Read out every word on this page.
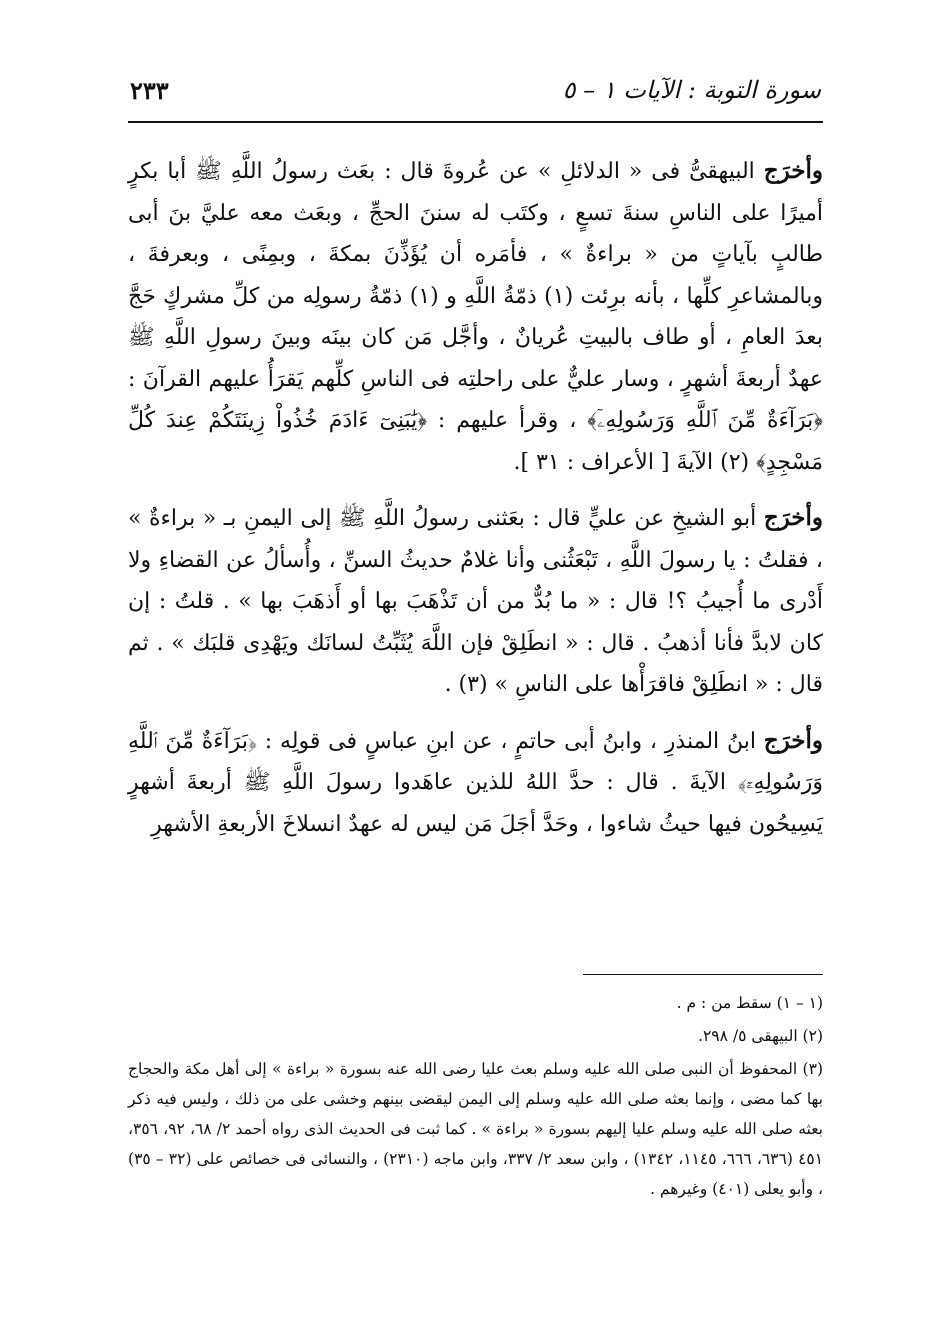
سورة التوبة : الآيات ١ – ٥
٢٣٣

وأخرَج البيهقىُّ فى « الدلائلِ » عن عُروةَ قال : بعَث رسولُ اللَّهِ ﷺ أبا بكرٍ أميرًا على الناسِ سنةَ تسعٍ ، وكتَب له سننَ الحجِّ ، وبعَث معه عليَّ بنَ أبى طالبٍ بآياتٍ من « براءةٌ » ، فأمَره أن يُؤَذِّنَ بمكةَ ، وبمِنًى ، وبعرفةَ ، وبالمشاعرِ كلِّها ، بأنه برِئت (١) ذمّةُ اللَّهِ و (١) ذمّةُ رسولِه من كلِّ مشركٍ حَجَّ بعدَ العامِ ، أو طاف بالبيتِ عُريانٌ ، وأجَّل مَن كان بينَه وبينَ رسولِ اللَّهِ ﷺ عهدٌ أربعةَ أشهرٍ ، وسار عليٌّ على راحلتِه فى الناسِ كلِّهم يَقرَأُ عليهم القرآنَ : ﴿بَرَآءَةٌ مِّنَ ٱللَّهِ وَرَسُولِهِۦٓ﴾ ، وقرأ عليهم : ﴿يَٰبَنِىٓ ءَادَمَ خُذُواْ زِينَتَكُمْ عِندَ كُلِّ مَسْجِدٍ﴾ (٢) الآيةَ [ الأعراف : ٣١ ].

وأخرَج أبو الشيخِ عن عليٍّ قال : بعَثنى رسولُ اللَّهِ ﷺ إلى اليمنِ بـ « براءةٌ » ، فقلتُ : يا رسولَ اللَّهِ ، تَبْعَثُنى وأنا غلامٌ حديثُ السنِّ ، وأُسألُ عن القضاءِ ولا أَدْرى ما أُجيبُ ؟! قال : « ما بُدٌّ من أن تَذْهَبَ بها أو أَذهَبَ بها » . قلتُ : إن كان لابدَّ فأنا أذهبُ . قال : « انطَلِقْ فإن اللَّهَ يُثَبِّتُ لسانَك ويَهْدِى قلبَك » . ثم قال : « انطَلِقْ فاقرَأْها على الناسِ » (٣) .

وأخرَج ابنُ المنذرِ ، وابنُ أبى حاتمٍ ، عن ابنِ عباسٍ فى قولِه : ﴿بَرَآءَةٌ مِّنَ ٱللَّهِ وَرَسُولِهِۦٓ﴾ الآيةَ . قال : حدَّ اللهُ للذين عاهَدوا رسولَ اللَّهِ ﷺ أربعةَ أشهرٍ يَسِيحُون فيها حيثُ شاءوا ، وحَدَّ أجَلَ مَن ليس له عهدٌ انسلاخَ الأربعةِ الأشهرِ

(١ – ١) سقط من : م .

(٢) البيهقى ٥/ ٢٩٨.

(٣) المحفوظ أن النبى صلى الله عليه وسلم بعث عليا رضى الله عنه بسورة « براءة » إلى أهل مكة والحجاج بها كما مضى ، وإنما بعثه صلى الله عليه وسلم إلى اليمن ليقضى بينهم وخشى على من ذلك ، وليس فيه ذكر بعثه صلى الله عليه وسلم عليا إليهم بسورة « براءة » . كما ثبت فى الحديث الذى رواه أحمد ٢/ ٦٨، ٩٢، ٣٥٦، ٤٥١ (٦٣٦، ٦٦٦، ١١٤٥، ١٣٤٢) ، وابن سعد ٢/ ٣٣٧، وابن ماجه (٢٣١٠) ، والنسائى فى خصائص على (٣٢ – ٣٥) ، وأبو يعلى (٤٠١) وغيرهم .
